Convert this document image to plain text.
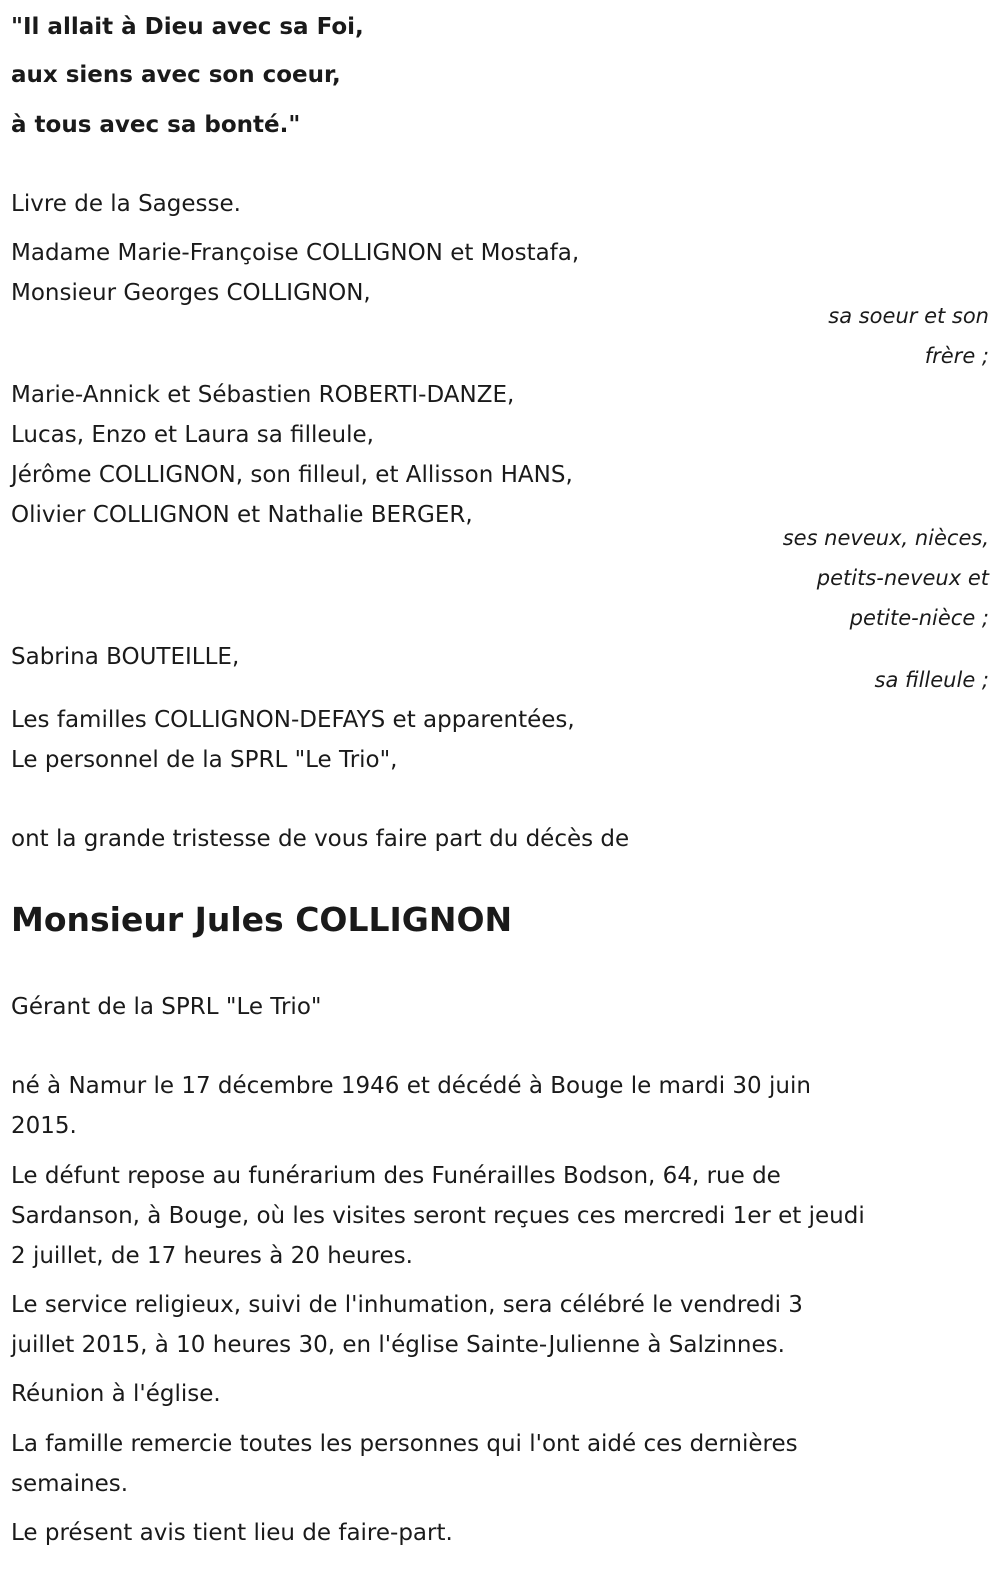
"Il allait à Dieu avec sa Foi,
aux siens avec son coeur,
à tous avec sa bonté."
Livre de la Sagesse.
Madame Marie-Françoise COLLIGNON et Mostafa,
Monsieur Georges COLLIGNON,
sa soeur et son
frère ;
Marie-Annick et Sébastien ROBERTI-DANZE,
Lucas, Enzo et Laura sa filleule,
Jérôme COLLIGNON, son filleul, et Allisson HANS,
Olivier COLLIGNON et Nathalie BERGER,
ses neveux, nièces,
petits-neveux et
petite-nièce ;
Sabrina BOUTEILLE,
sa filleule ;
Les familles COLLIGNON-DEFAYS et apparentées,
Le personnel de la SPRL "Le Trio",
ont la grande tristesse de vous faire part du décès de
Monsieur Jules COLLIGNON
Gérant de la SPRL "Le Trio"
né à Namur le 17 décembre 1946 et décédé à Bouge le mardi 30 juin
2015.
Le défunt repose au funérarium des Funérailles Bodson, 64, rue de
Sardanson, à Bouge, où les visites seront reçues ces mercredi 1er et jeudi
2 juillet, de 17 heures à 20 heures.
Le service religieux, suivi de l'inhumation, sera célébré le vendredi 3
juillet 2015, à 10 heures 30, en l'église Sainte-Julienne à Salzinnes.
Réunion à l'église.
La famille remercie toutes les personnes qui l'ont aidé ces dernières
semaines.
Le présent avis tient lieu de faire-part.
